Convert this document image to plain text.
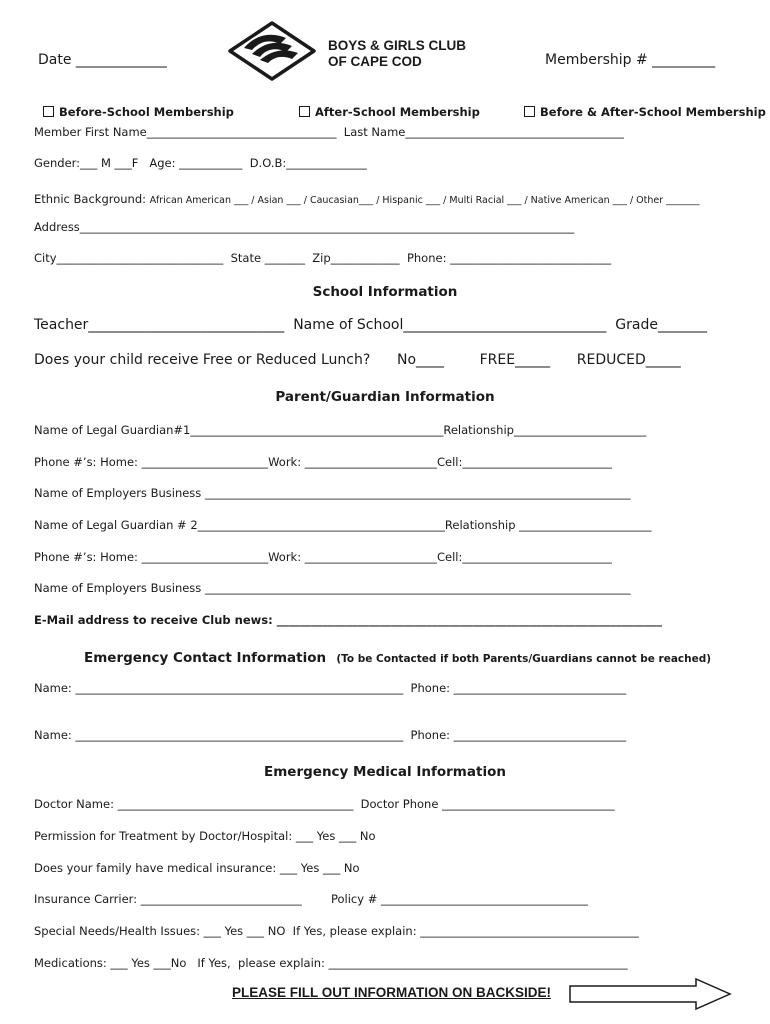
Date _____________
BOYS & GIRLS CLUB
OF CAPE COD	Membership # _________

Before-School Membership	After-School Membership	Before & After-School Membership

Member First Name_________________________________  Last Name______________________________________
Gender:___ M ___F   Age: ___________  D.O.B:______________
Ethnic Background: African American ___ / Asian ___ / Caucasian___ / Hispanic ___ / Multi Racial ___ / Native American ___ / Other _______
Address______________________________________________________________________________________
City_____________________________  State _______  Zip____________  Phone: ____________________________
School Information
Teacher____________________________  Name of School_____________________________  Grade_______
Does your child receive Free or Reduced Lunch?      No____        FREE_____      REDUCED_____
Parent/Guardian Information
Name of Legal Guardian#1____________________________________________Relationship_______________________
Phone #’s: Home: ______________________Work: _______________________Cell:__________________________
Name of Employers Business __________________________________________________________________________
Name of Legal Guardian # 2___________________________________________Relationship _______________________
Phone #’s: Home: ______________________Work: _______________________Cell:__________________________
Name of Employers Business __________________________________________________________________________
E-Mail address to receive Club news: ___________________________________________________________________
Emergency Contact Information (To be Contacted if both Parents/Guardians cannot be reached)
Name: _________________________________________________________  Phone: ______________________________
Name: _________________________________________________________  Phone: ______________________________
Emergency Medical Information
Doctor Name: _________________________________________  Doctor Phone ______________________________
Permission for Treatment by Doctor/Hospital: ___ Yes ___ No
Does your family have medical insurance: ___ Yes ___ No
Insurance Carrier: ____________________________        Policy # ____________________________________
Special Needs/Health Issues: ___ Yes ___ NO  If Yes, please explain: ______________________________________
Medications: ___ Yes ___No   If Yes,  please explain: ____________________________________________________
PLEASE FILL OUT INFORMATION ON BACKSIDE!
